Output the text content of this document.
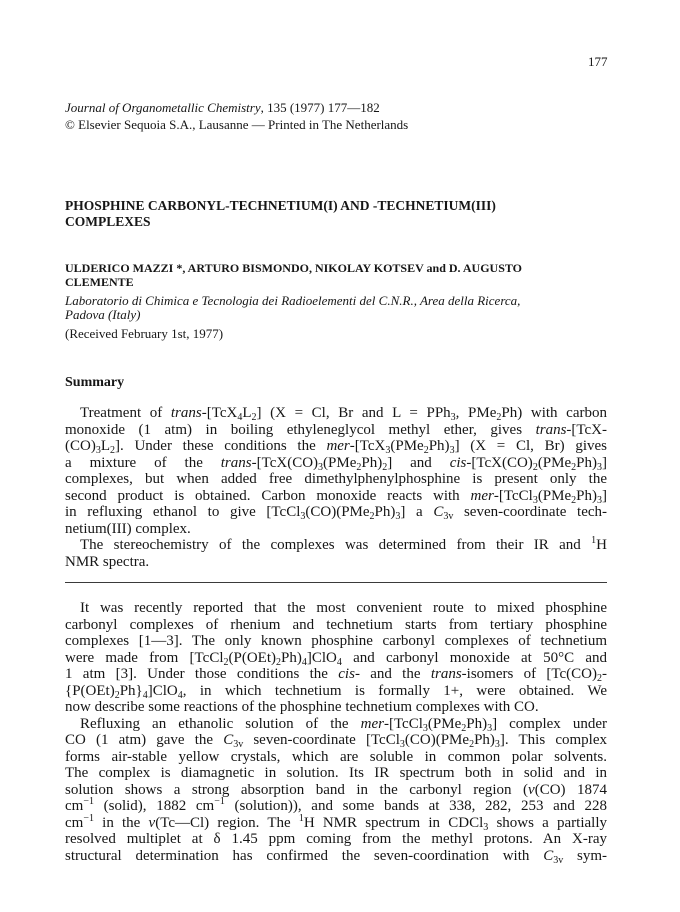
177
Journal of Organometallic Chemistry, 135 (1977) 177—182
© Elsevier Sequoia S.A., Lausanne — Printed in The Netherlands
PHOSPHINE CARBONYL-TECHNETIUM(I) AND -TECHNETIUM(III)
COMPLEXES
ULDERICO MAZZI *, ARTURO BISMONDO, NIKOLAY KOTSEV and D. AUGUSTO
CLEMENTE
Laboratorio di Chimica e Tecnologia dei Radioelementi del C.N.R., Area della Ricerca,
Padova (Italy)
(Received February 1st, 1977)
Summary
Treatment of trans-$[TcX_4L_2] (X = Cl$, Br and L = PPh$_3$, PMe$_2$Ph) with carbon
monoxide (1 atm) in boiling ethyleneglycol methyl ether, gives trans-[TcX-
$(CO)_3L_2$]. Under these conditions the mer-$[TcX_3(PMe_2Ph)_3] (X = Cl$, Br) gives
a mixture of the trans-$[TcX(CO)_3(PMe_2Ph)_2]$ and cis-$[TcX(CO)_2(PMe_2Ph)_3]$
complexes, but when added free dimethylphenylphosphine is present only the
second product is obtained. Carbon monoxide reacts with mer-$[TcCl_3(PMe_2Ph)_3]$
in refluxing ethanol to give $[TcCl_3(CO)(PMe_2Ph)_3]$ a $C_{3v}$ seven-coordinate tech-
netium(III) complex.
The stereochemistry of the complexes was determined from their IR and $^1$H
NMR spectra.
It was recently reported that the most convenient route to mixed phosphine
carbonyl complexes of rhenium and technetium starts from tertiary phosphine
complexes [1—3]. The only known phosphine carbonyl complexes of technetium
were made from $[TcCl_2(P(OEt)_2Ph)_4]ClO_4$ and carbonyl monoxide at 50°C and
1 atm [3]. Under those conditions the cis- and the trans-isomers of [$Tc(CO)_2-$
$\{P(OEt)_2Ph\}_4]ClO_4$, in which technetium is formally 1+, were obtained. We
now describe some reactions of the phosphine technetium complexes with CO.
Refluxing an ethanolic solution of the mer-$[TcCl_3(PMe_2Ph)_3]$ complex under
CO (1 atm) gave the $C_{3v}$ seven-coordinate $[TcCl_3(CO)(PMe_2Ph)_3]$. This complex
forms air-stable yellow crystals, which are soluble in common polar solvents.
The complex is diamagnetic in solution. Its IR spectrum both in solid and in
solution shows a strong absorption band in the carbonyl region (ν(CO) 1874
$cm^{-1}$ (solid), 1882 $cm^{-1}$ (solution)), and some bands at 338, 282, 253 and 228
$cm^{-1}$ in the ν(Tc—Cl) region. The $^1$H NMR spectrum in CDCl$_3$ shows a partially
resolved multiplet at δ 1.45 ppm coming from the methyl protons. An X-ray
structural determination has confirmed the seven-coordination with $C_{3v}$ sym-
